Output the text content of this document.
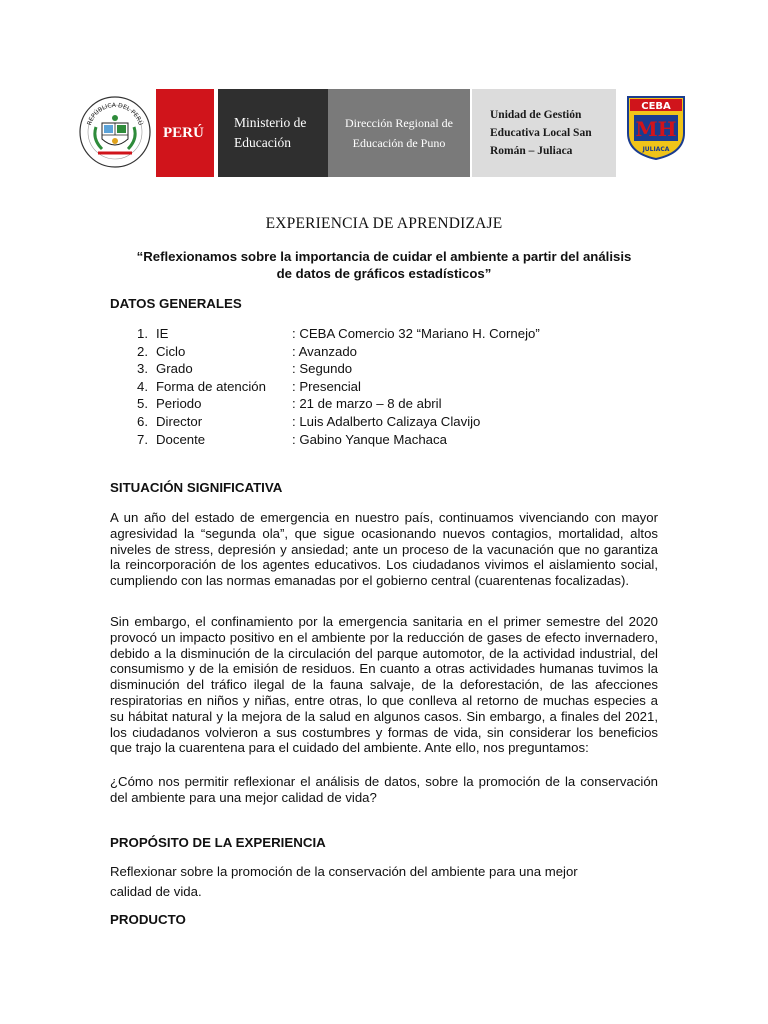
REPÚBLICA DEL PERÚ
PERÚ
Ministerio de
Educación
Dirección Regional de
Educación de Puno
Unidad de Gestión
Educativa Local San
Román – Juliaca
CEBA
MH
JULIACA
EXPERIENCIA DE APRENDIZAJE
“Reflexionamos sobre la importancia de cuidar el ambiente a partir del análisis
de datos de gráficos estadísticos”
DATOS GENERALES
1. IE	: CEBA Comercio 32 “Mariano H. Cornejo”
2. Ciclo	: Avanzado
3. Grado	: Segundo
4. Forma de atención	: Presencial
5. Periodo	: 21 de marzo – 8 de abril
6. Director	: Luis Adalberto Calizaya Clavijo
7. Docente	: Gabino Yanque Machaca
SITUACIÓN SIGNIFICATIVA
A un año del estado de emergencia en nuestro país, continuamos vivenciando con mayor agresividad la “segunda ola”, que sigue ocasionando nuevos contagios, mortalidad, altos niveles de stress, depresión y ansiedad; ante un proceso de la vacunación que no garantiza la reincorporación de los agentes educativos. Los ciudadanos vivimos el aislamiento social, cumpliendo con las normas emanadas por el gobierno central (cuarentenas focalizadas).
Sin embargo, el confinamiento por la emergencia sanitaria en el primer semestre del 2020 provocó un impacto positivo en el ambiente por la reducción de gases de efecto invernadero, debido a la disminución de la circulación del parque automotor, de la actividad industrial, del consumismo y de la emisión de residuos. En cuanto a otras actividades humanas tuvimos la disminución del tráfico ilegal de la fauna salvaje, de la deforestación, de las afecciones respiratorias en niños y niñas, entre otras, lo que conlleva al retorno de muchas especies a su hábitat natural y la mejora de la salud en algunos casos. Sin embargo, a finales del 2021, los ciudadanos volvieron a sus costumbres y formas de vida, sin considerar los beneficios que trajo la cuarentena para el cuidado del ambiente. Ante ello, nos preguntamos:
¿Cómo nos permitir reflexionar el análisis de datos, sobre la promoción de la conservación del ambiente para una mejor calidad de vida?
PROPÓSITO DE LA EXPERIENCIA
Reflexionar sobre la promoción de la conservación del ambiente para una mejor
calidad de vida.
PRODUCTO
